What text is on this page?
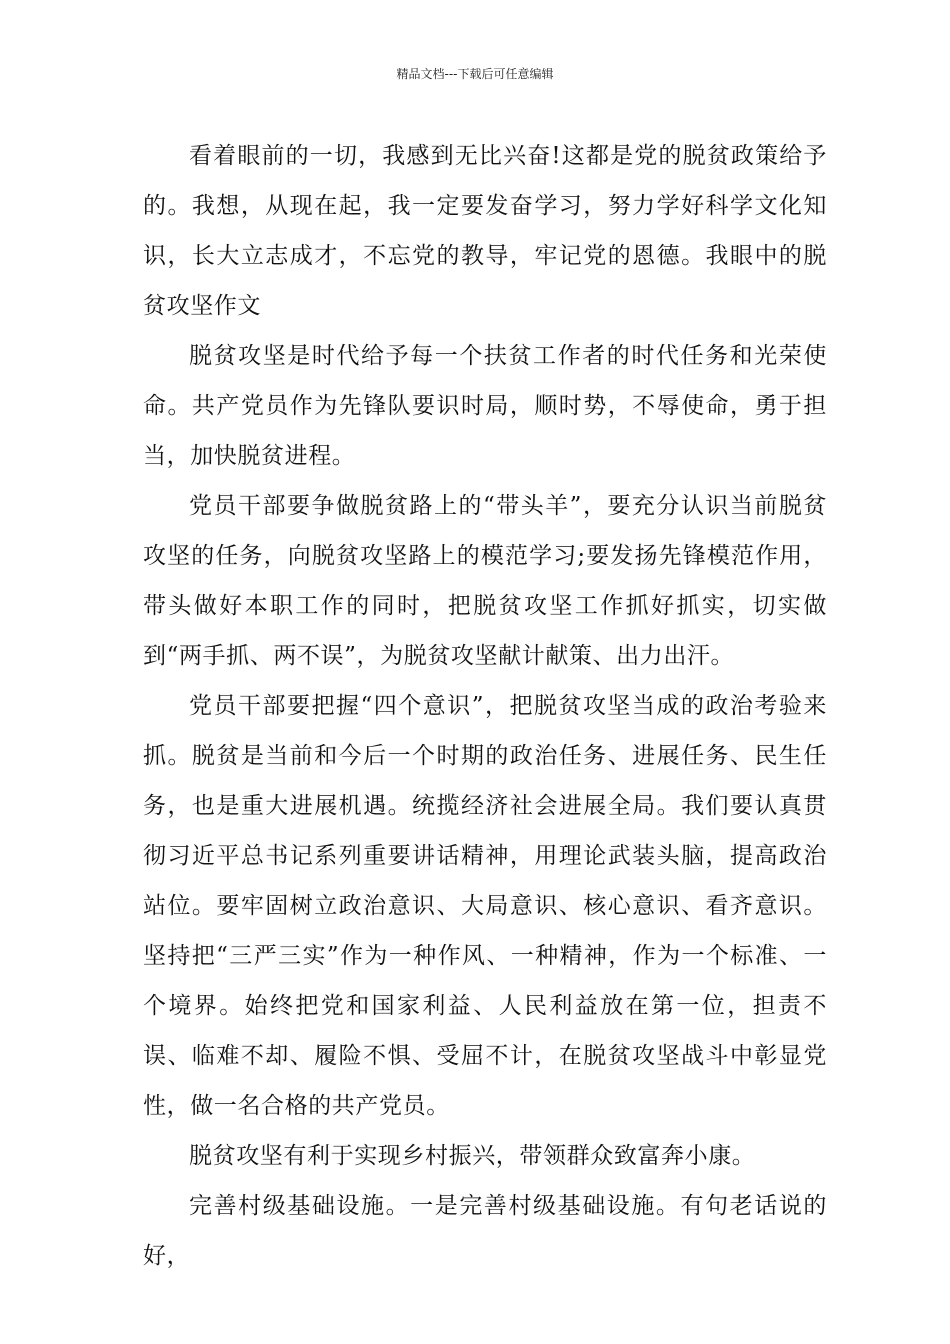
精品文档---下载后可任意编辑

看着眼前的一切，我感到无比兴奋!这都是党的脱贫政策给予的。我想，从现在起，我一定要发奋学习，努力学好科学文化知识，长大立志成才，不忘党的教导，牢记党的恩德。我眼中的脱贫攻坚作文

脱贫攻坚是时代给予每一个扶贫工作者的时代任务和光荣使命。共产党员作为先锋队要识时局，顺时势，不辱使命，勇于担当，加快脱贫进程。

党员干部要争做脱贫路上的“带头羊”，要充分认识当前脱贫攻坚的任务，向脱贫攻坚路上的模范学习;要发扬先锋模范作用，带头做好本职工作的同时，把脱贫攻坚工作抓好抓实，切实做到“两手抓、两不误”，为脱贫攻坚献计献策、出力出汗。

党员干部要把握“四个意识”，把脱贫攻坚当成的政治考验来抓。脱贫是当前和今后一个时期的政治任务、进展任务、民生任务，也是重大进展机遇。统揽经济社会进展全局。我们要认真贯彻习近平总书记系列重要讲话精神，用理论武装头脑，提高政治站位。要牢固树立政治意识、大局意识、核心意识、看齐意识。坚持把“三严三实”作为一种作风、一种精神，作为一个标准、一个境界。始终把党和国家利益、人民利益放在第一位，担责不误、临难不却、履险不惧、受屈不计，在脱贫攻坚战斗中彰显党性，做一名合格的共产党员。

脱贫攻坚有利于实现乡村振兴，带领群众致富奔小康。

完善村级基础设施。一是完善村级基础设施。有句老话说的好，
